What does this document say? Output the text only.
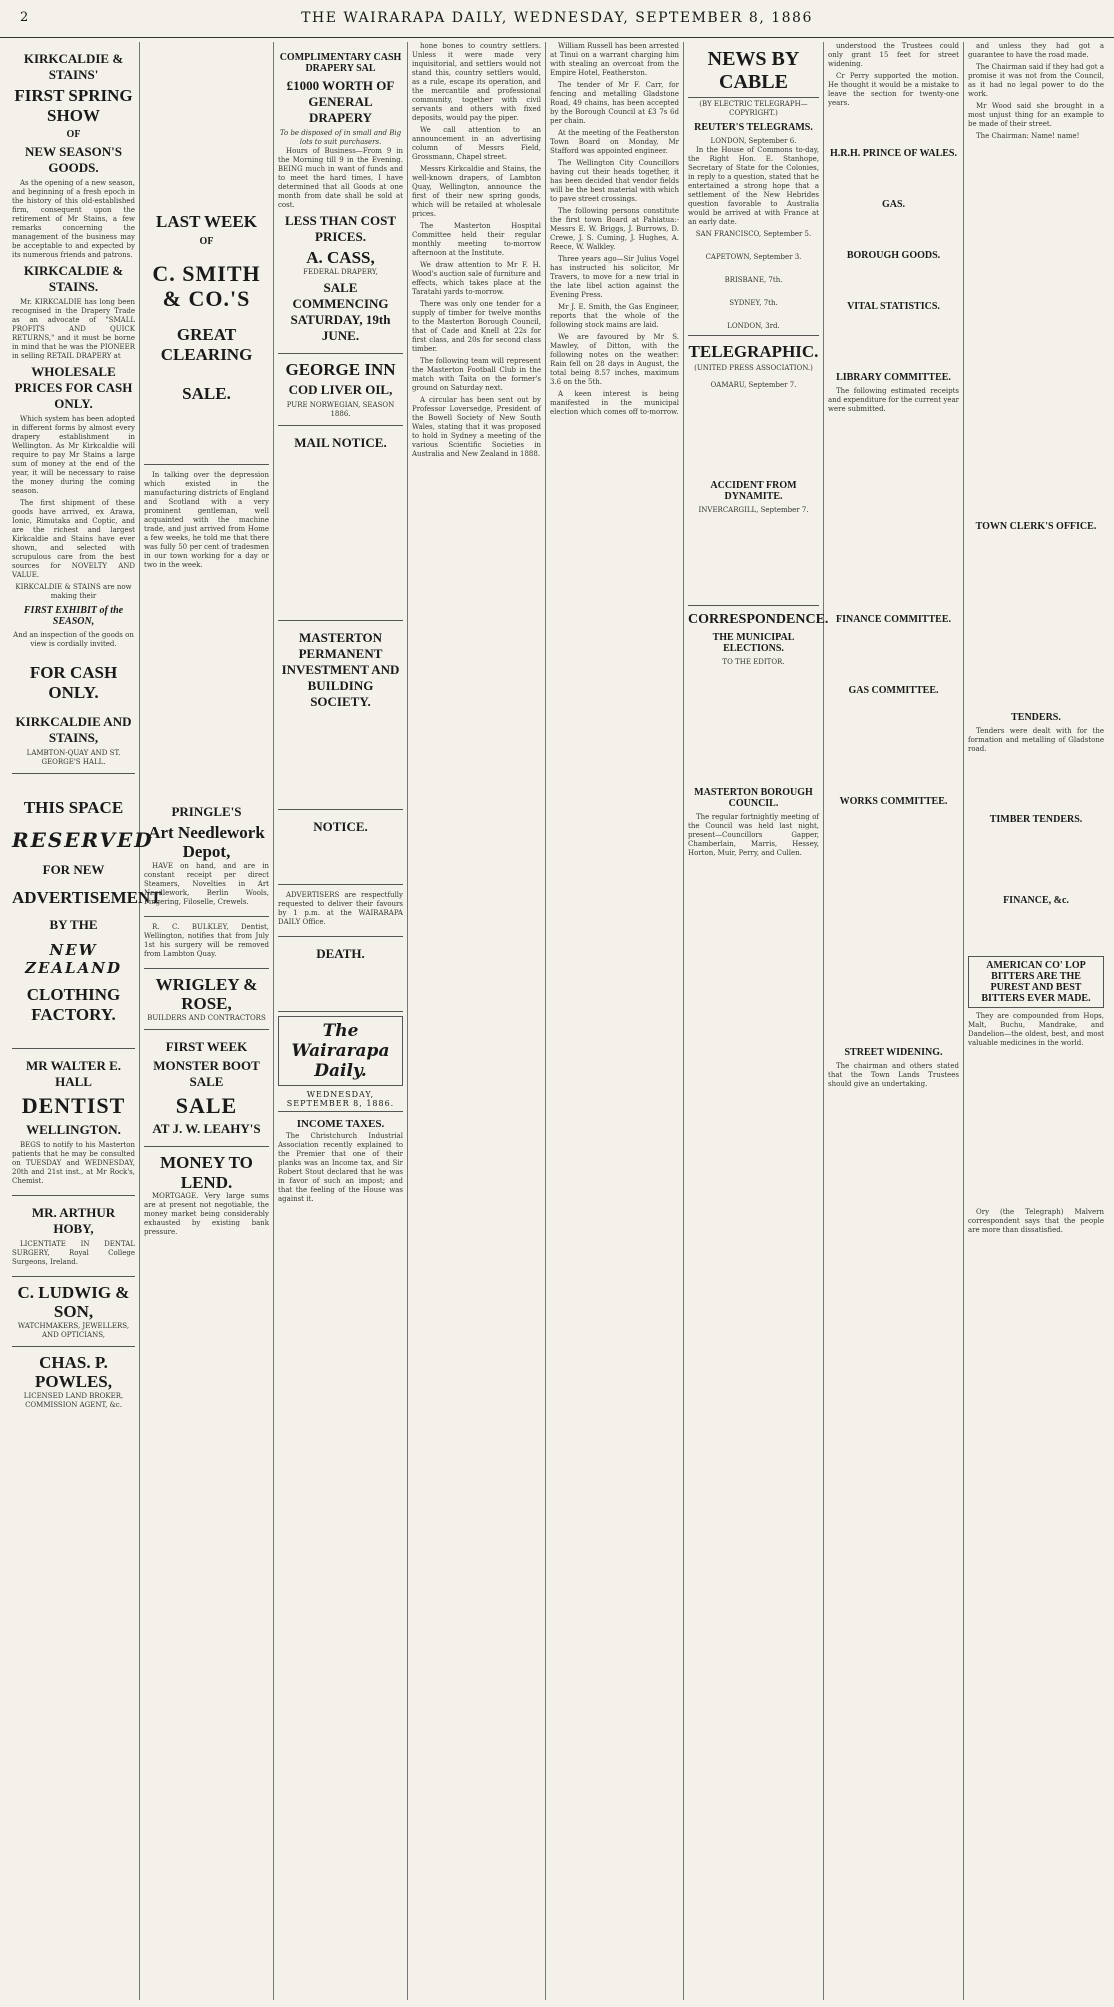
2	THE WAIRARAPA DAILY, WEDNESDAY, SEPTEMBER 8, 1886
KIRKCALDIE & STAINS'
FIRST SPRING SHOW
OF
NEW SEASON'S GOODS.

As the opening of a new season, and beginning of a fresh epoch in the history of this old-established firm, consequent upon the retirement of Mr Stains, a few remarks concerning the management of the business may be acceptable to and expected by its numerous friends and patrons.

KIRKCALDIE & STAINS.

Mr. KIRKCALDIE has long been recognised in the Drapery Trade as an advocate of "SMALL PROFITS AND QUICK RETURNS," and it must be borne in mind that he was the PIONEER in selling RETAIL DRAPERY at

WHOLESALE PRICES FOR CASH ONLY.

Which system has been adopted in different forms by almost every drapery establishment in Wellington. As Mr Kirkcaldie will require to pay Mr Stains a large sum of money at the end of the year, it will be necessary to raise the money during the coming season.

The first shipment of these goods have arrived, ex Arawa, Ionic, Rimutaka and Coptic, and are the richest and largest Kirkcaldie and Stains have ever shown, and selected with scrupulous care from the best sources for NOVELTY AND VALUE.

KIRKCALDIE & STAINS are now making their
FIRST EXHIBIT of the SEASON,
And an inspection of the goods on view is cordially invited.
FOR CASH ONLY.
KIRKCALDIE AND STAINS,
LAMBTON-QUAY AND ST. GEORGE'S HALL.
THIS SPACE
RESERVED
FOR NEW
ADVERTISEMENT
BY THE
NEW ZEALAND
CLOTHING FACTORY.
MR WALTER E. HALL
DENTIST
WELLINGTON.

BEGS to notify to his Masterton patients that he may be consulted on TUESDAY and WEDNESDAY, 20th and 21st inst., at Mr Rock's, Chemist.

MR. ARTHUR HOBY,

LICENTIATE IN DENTAL SURGERY, Royal College Surgeons, Ireland.

C. LUDWIG & SON,
WATCHMAKERS, JEWELLERS, AND OPTICIANS,
CHAS. P. POWLES,
LICENSED LAND BROKER, COMMISSION AGENT, &c.
LAST WEEK
OF
C. SMITH & CO.'S
GREAT CLEARING
SALE.

In talking over the depression which existed in the manufacturing districts of England and Scotland with a very prominent gentleman, well acquainted with the machine trade, and just arrived from Home a few weeks, he told me that there was fully 50 per cent of tradesmen in our town working for a day or two in the week.

PRINGLE'S
Art Needlework Depot,

HAVE on hand, and are in constant receipt per direct Steamers, Novelties in Art Needlework, Berlin Wools, Fingering, Filoselle, Crewels.

R. C. BULKLEY, Dentist, Wellington, notifies that from July 1st his surgery will be removed from Lambton Quay.

WRIGLEY & ROSE,
BUILDERS AND CONTRACTORS
FIRST WEEK
MONSTER BOOT SALE
SALE
AT J. W. LEAHY'S
MONEY TO LEND.

MORTGAGE. Very large sums are at present not negotiable, the money market being considerably exhausted by existing bank pressure.

COMPLIMENTARY CASH DRAPERY SAL
£1000 WORTH OF GENERAL DRAPERY
To be disposed of in small and Big lots to suit purchasers.

Hours of Business—From 9 in the Morning till 9 in the Evening. BEING much in want of funds and to meet the hard times, I have determined that all Goods at one month from date shall be sold at cost.

LESS THAN COST PRICES.
A. CASS,
FEDERAL DRAPERY,
SALE COMMENCING SATURDAY, 19th JUNE.
GEORGE INN
COD LIVER OIL,
PURE NORWEGIAN, SEASON 1886.
MAIL NOTICE.
MASTERTON PERMANENT INVESTMENT AND BUILDING SOCIETY.
NOTICE.

ADVERTISERS are respectfully requested to deliver their favours by 1 p.m. at the WAIRARAPA DAILY Office.

DEATH.
The Wairarapa Daily.
WEDNESDAY, SEPTEMBER 8, 1886.
INCOME TAXES.

The Christchurch Industrial Association recently explained to the Premier that one of their planks was an Income tax, and Sir Robert Stout declared that he was in favor of such an impost; and that the feeling of the House was against it.

hone bones to country settlers. Unless it were made very inquisitorial, and settlers would not stand this, country settlers would, as a rule, escape its operation, and the mercantile and professional community, together with civil servants and others with fixed deposits, would pay the piper.

We call attention to an announcement in an advertising column of Messrs Field, Grossmann, Chapel street.

Messrs Kirkcaldie and Stains, the well-known drapers, of Lambton Quay, Wellington, announce the first of their new spring goods, which will be retailed at wholesale prices.

The Masterton Hospital Committee held their regular monthly meeting to-morrow afternoon at the Institute.

We draw attention to Mr F. H. Wood's auction sale of furniture and effects, which takes place at the Taratahi yards to-morrow.

There was only one tender for a supply of timber for twelve months to the Masterton Borough Council, that of Cade and Knell at 22s for first class, and 20s for second class timber.

The following team will represent the Masterton Football Club in the match with Taita on the former's ground on Saturday next.

A circular has been sent out by Professor Loversedge, President of the Bowell Society of New South Wales, stating that it was proposed to hold in Sydney a meeting of the various Scientific Societies in Australia and New Zealand in 1888.

William Russell has been arrested at Tinui on a warrant charging him with stealing an overcoat from the Empire Hotel, Featherston.

The tender of Mr F. Carr, for fencing and metalling Gladstone Road, 49 chains, has been accepted by the Borough Council at £3 7s 6d per chain.

At the meeting of the Featherston Town Board on Monday, Mr Stafford was appointed engineer.

The Wellington City Councillors having cut their heads together, it has been decided that vendor fields will be the best material with which to pave street crossings.

The following persons constitute the first town Board at Pahiatua:- Messrs E. W. Briggs, J. Burrows, D. Crewe, J. S. Cuming, J. Hughes, A. Reece, W. Walkley.

Three years ago—Sir Julius Vogel has instructed his solicitor, Mr Travers, to move for a new trial in the late libel action against the Evening Press.

Mr J. E. Smith, the Gas Engineer, reports that the whole of the following stock mains are laid.

We are favoured by Mr S. Mawley, of Ditton, with the following notes on the weather: Rain fell on 28 days in August, the total being 8.57 inches, maximum 3.6 on the 5th.

A keen interest is being manifested in the municipal election which comes off to-morrow.

NEWS BY CABLE
(BY ELECTRIC TELEGRAPH—COPYRIGHT.)
REUTER'S TELEGRAMS.
LONDON, September 6.

In the House of Commons to-day, the Right Hon. E. Stanhope, Secretary of State for the Colonies, in reply to a question, stated that he entertained a strong hope that a settlement of the New Hebrides question favorable to Australia would be arrived at with France at an early date.

SAN FRANCISCO, September 5.
CAPETOWN, September 3.
BRISBANE, 7th.
SYDNEY, 7th.
LONDON, 3rd.
TELEGRAPHIC.
(UNITED PRESS ASSOCIATION.)
OAMARU, September 7.
ACCIDENT FROM DYNAMITE.
INVERCARGILL, September 7.
CORRESPONDENCE.
THE MUNICIPAL ELECTIONS.
TO THE EDITOR.
MASTERTON BOROUGH COUNCIL.

The regular fortnightly meeting of the Council was held last night, present—Councillors Gapper, Chamberlain, Marris, Hessey, Horton, Muir, Perry, and Cullen.

understood the Trustees could only grant 15 feet for street widening.

Cr Perry supported the motion. He thought it would be a mistake to leave the section for twenty-one years.

H.R.H. PRINCE OF WALES.
GAS.
BOROUGH GOODS.
VITAL STATISTICS.
LIBRARY COMMITTEE.

The following estimated receipts and expenditure for the current year were submitted.

FINANCE COMMITTEE.
GAS COMMITTEE.
WORKS COMMITTEE.
STREET WIDENING.

The chairman and others stated that the Town Lands Trustees should give an undertaking.

and unless they had got a guarantee to have the road made.

The Chairman said if they had got a promise it was not from the Council, as it had no legal power to do the work.

Mr Wood said she brought in a most unjust thing for an example to be made of their street.

The Chairman: Name! name!

TOWN CLERK'S OFFICE.
TENDERS.

Tenders were dealt with for the formation and metalling of Gladstone road.

TIMBER TENDERS.
FINANCE, &c.
AMERICAN CO' LOP BITTERS ARE THE PUREST AND BEST BITTERS EVER MADE.

They are compounded from Hops, Malt, Buchu, Mandrake, and Dandelion—the oldest, best, and most valuable medicines in the world.

Ory (the Telegraph) Malvern correspondent says that the people are more than dissatisfied.
